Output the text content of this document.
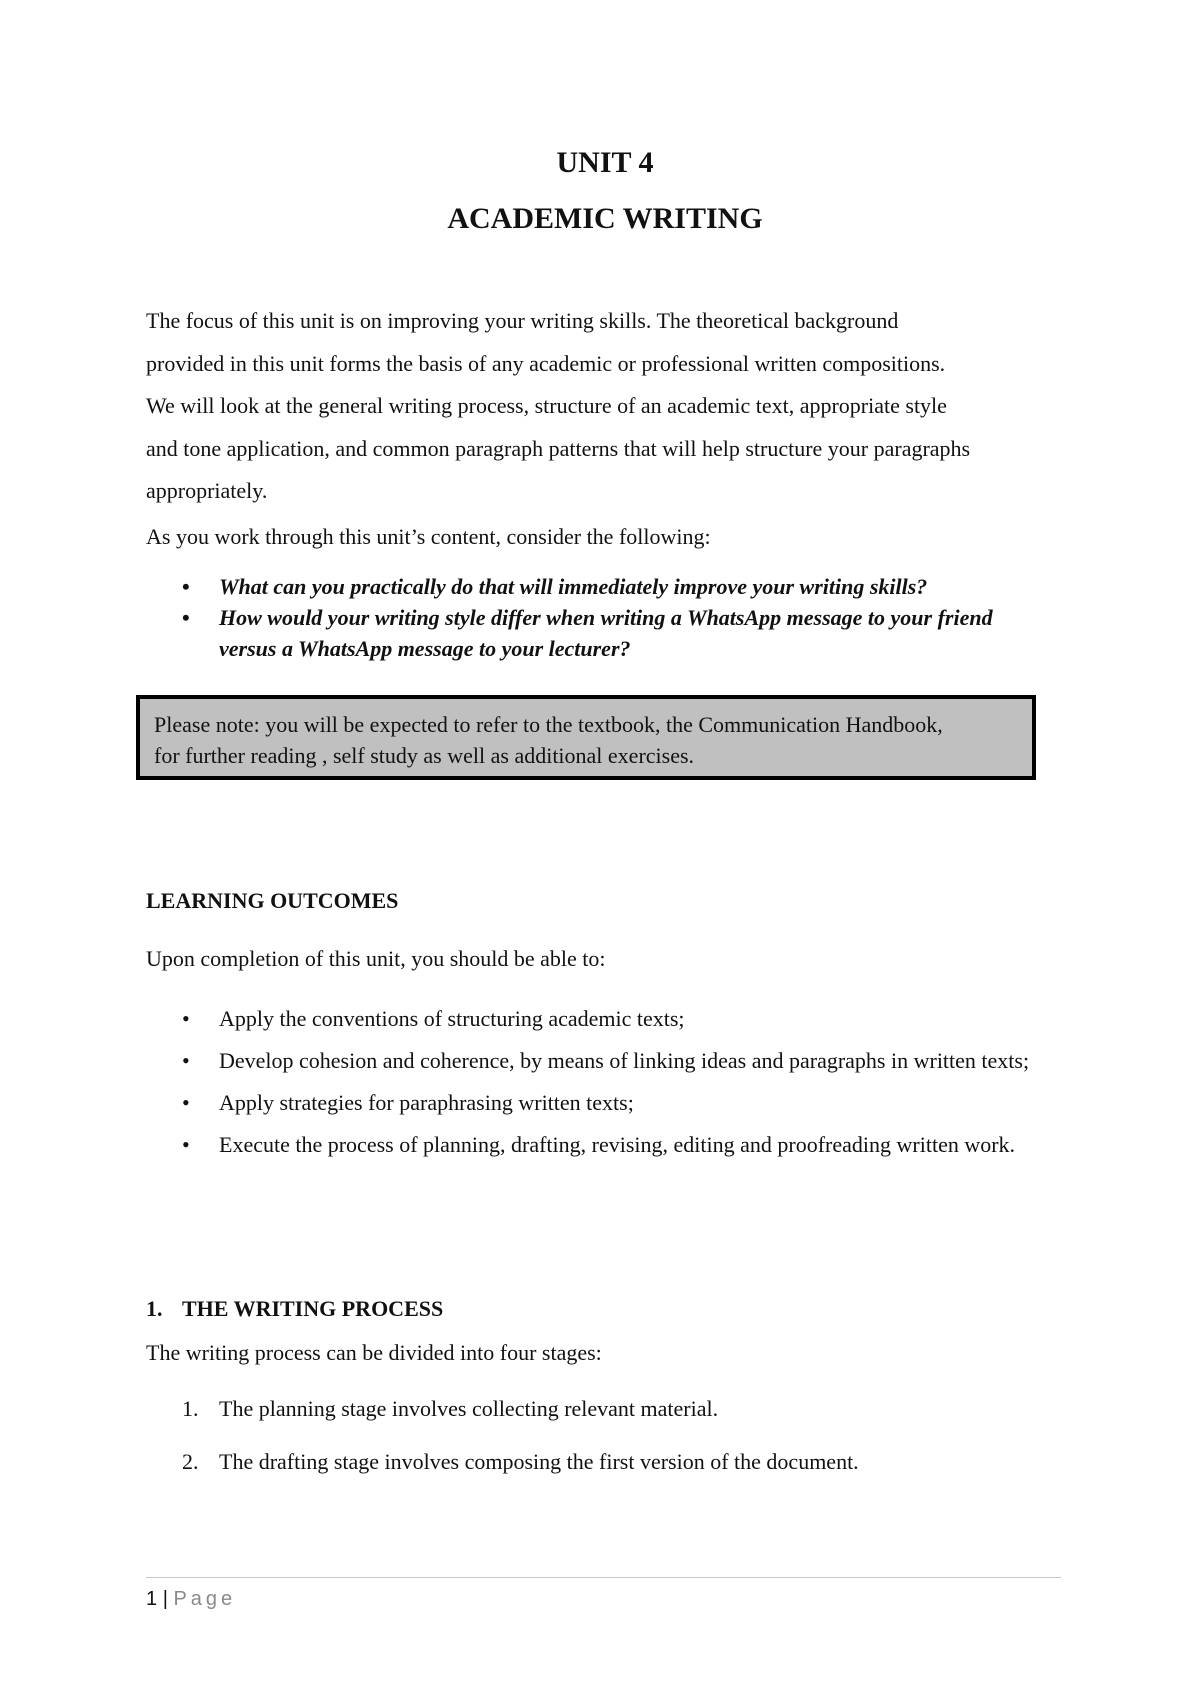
UNIT 4
ACADEMIC WRITING
The focus of this unit is on improving your writing skills. The theoretical background
provided in this unit forms the basis of any academic or professional written compositions.
We will look at the general writing process, structure of an academic text, appropriate style
and tone application, and common paragraph patterns that will help structure your paragraphs
appropriately.
As you work through this unit’s content, consider the following:
• What can you practically do that will immediately improve your writing skills?
• How would your writing style differ when writing a WhatsApp message to your friend versus a WhatsApp message to your lecturer?
Please note: you will be expected to refer to the textbook, the Communication Handbook,
for further reading , self study as well as additional exercises.
LEARNING OUTCOMES
Upon completion of this unit, you should be able to:
• Apply the conventions of structuring academic texts;
• Develop cohesion and coherence, by means of linking ideas and paragraphs in written texts;
• Apply strategies for paraphrasing written texts;
• Execute the process of planning, drafting, revising, editing and proofreading written work.
1. THE WRITING PROCESS
The writing process can be divided into four stages:
1. The planning stage involves collecting relevant material.
2. The drafting stage involves composing the first version of the document.
1 | Page
